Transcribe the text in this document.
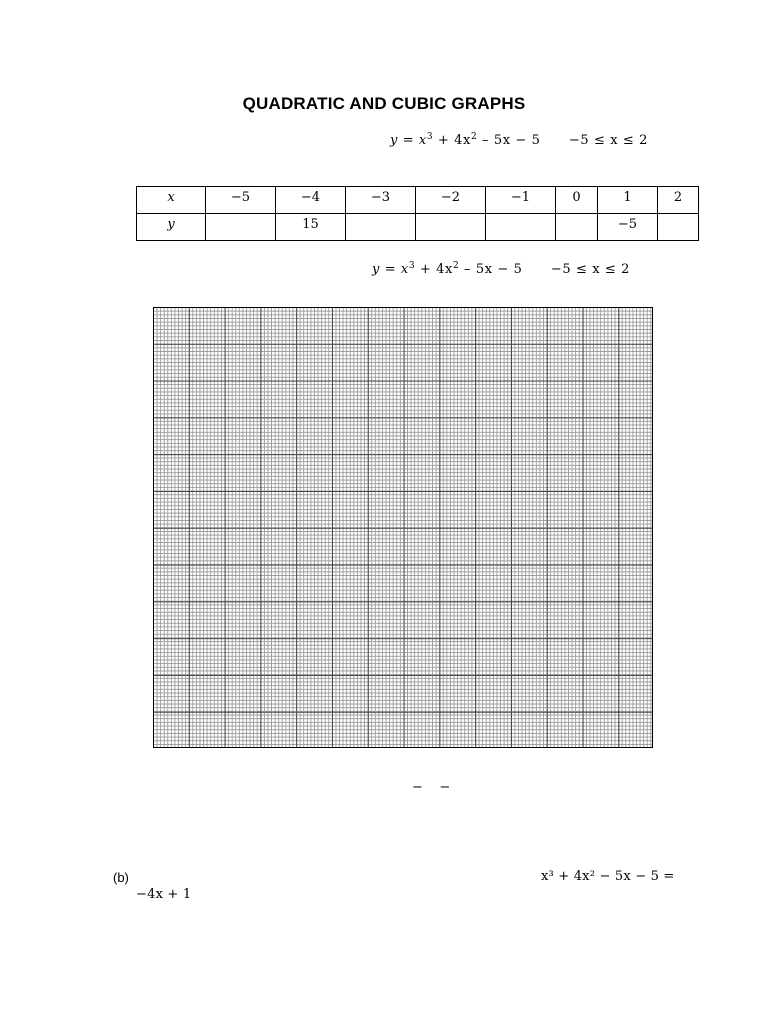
QUADRATIC AND CUBIC GRAPHS
$y = x^3 + 4x^2 - 5x - 5 -5 \le x \le 2$
x	−5	−4	−3	−2	−1	0	1	2
y		15					−5	
$y = x^3 + 4x^2 - 5x - 5 -5 \le x \le 2$
−    −
(b)	x³ + 4x² − 5x − 5 =
−4x + 1
